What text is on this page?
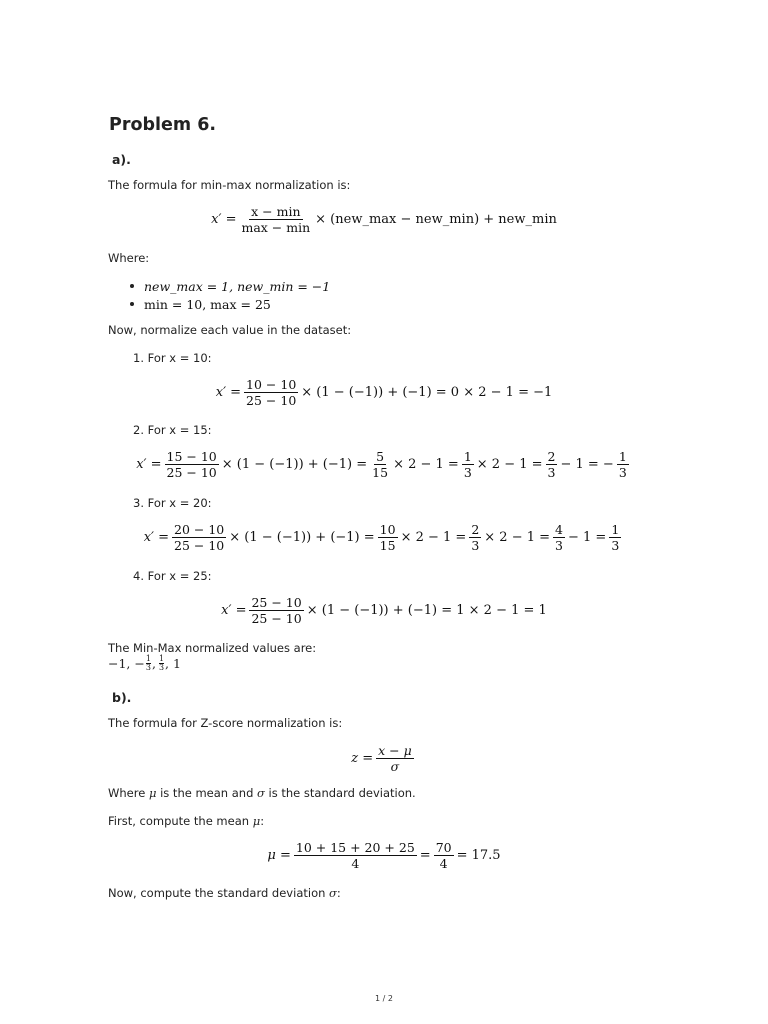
Problem 6.
a).
The formula for min-max normalization is:
$x' = \frac{x - \min}{\max - \min}$ × (new_max − new_min) + new_min
Where:
new_max = 1, new_min = −1
min = 10, max = 25
Now, normalize each value in the dataset:
1. For x = 10:
$x' = \frac{10 - 10}{25 - 10} \times (1 - (-1)) + (-1) = 0 \times 2 - 1 = -1$
2. For x = 15:
$x' = \frac{15 - 10}{25 - 10} \times (1 - (-1)) + (-1) = \frac{5}{15} \times 2 - 1 = \frac{1}{3} \times 2 - 1 = \frac{2}{3} - 1$ = − $\frac{1}{3}$
3. For x = 20:
$x' = \frac{20 - 10}{25 - 10} \times (1 - (-1)) + (-1) = \frac{10}{15} \times 2 - 1 = \frac{2}{3} \times 2 - 1 = \frac{4}{3} - 1 = \frac{1}{3}$
4. For x = 25:
$x' = \frac{25 - 10}{25 - 10} \times (1 - (-1)) + (-1) = 1 \times 2 - 1 = 1$
The Min-Max normalized values are:
−1, − $\frac{1}{3}$ , 1
3 , 1
b).
The formula for Z-score normalization is:
$z = \frac{x - \mu}{\sigma}$
Where μ is the mean and σ is the standard deviation.
First, compute the mean μ:
$\mu = \frac{10 + 15 + 20 + 25}{4} = \frac{70}{4} = 17.5$
Now, compute the standard deviation σ:
1 / 2
